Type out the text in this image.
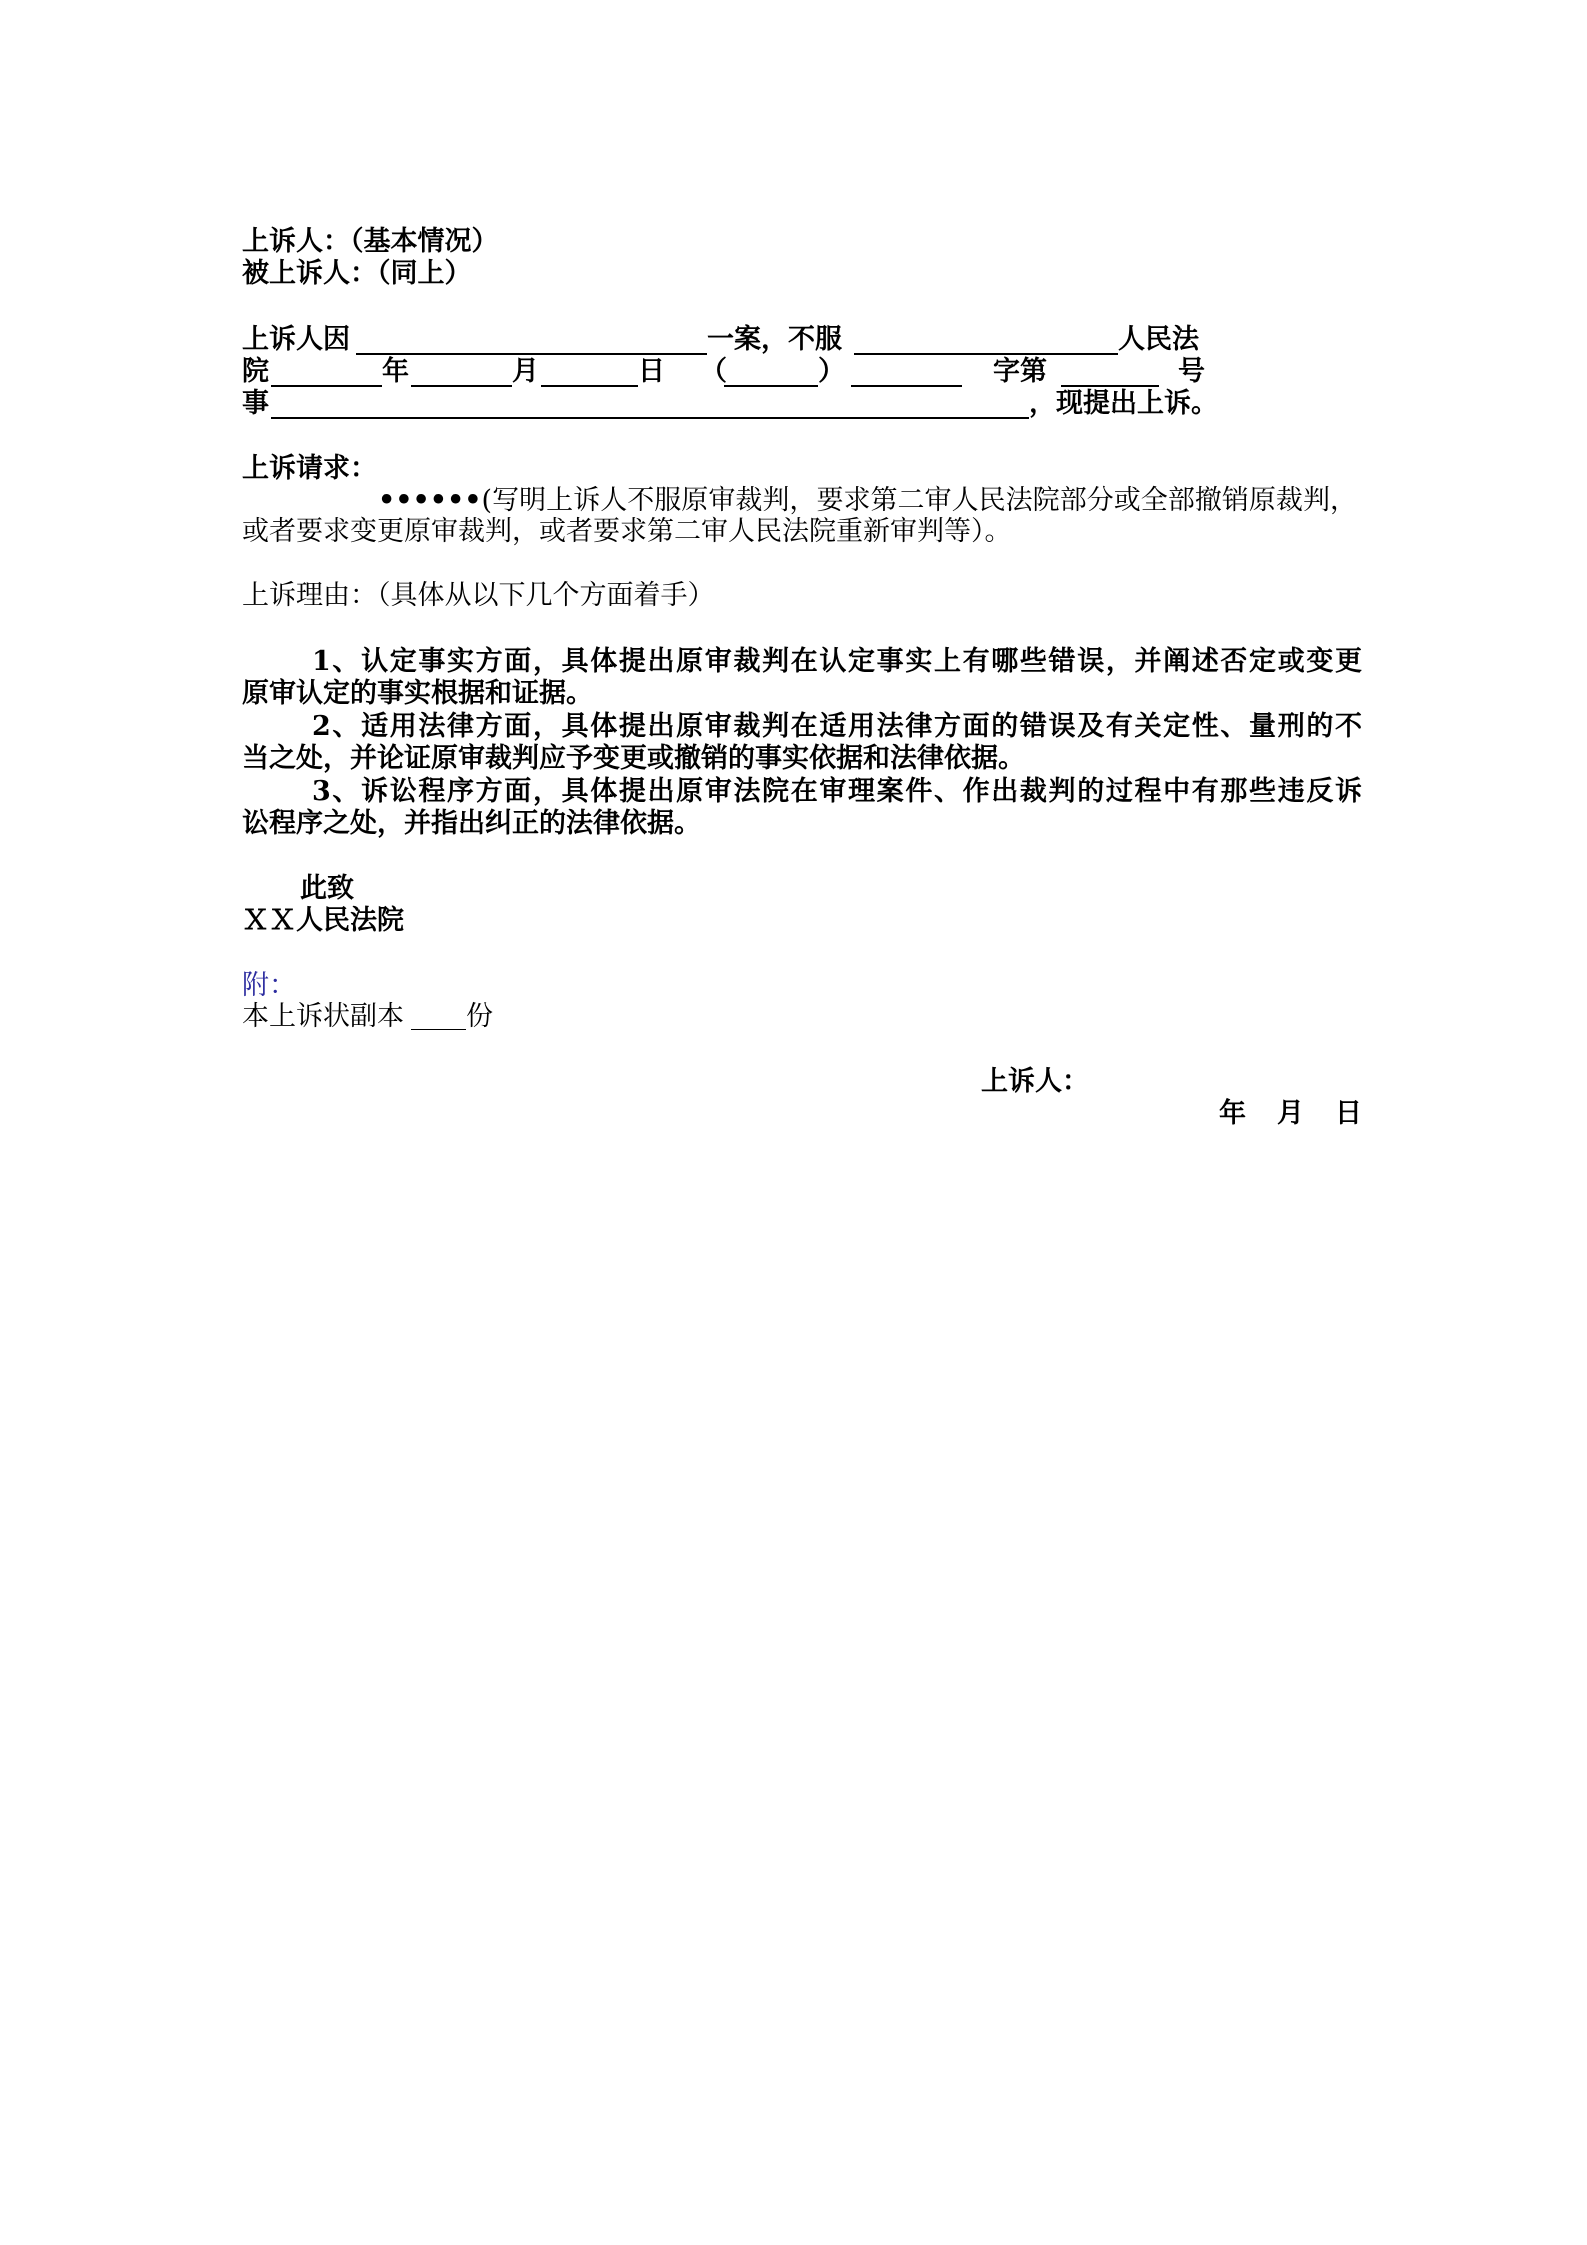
上诉人：（基本情况）
被上诉人：（同上）
上诉人因	一案，不服	人民法
院	年	月	日 （	）	字第	号
事	，现提出上诉。
上诉请求：
••••••(写明上诉人不服原审裁判，要求第二审人民法院部分或全部撤销原裁判，
或者要求变更原审裁判，或者要求第二审人民法院重新审判等）。
上诉理由：（具体从以下几个方面着手）
1、认定事实方面，具体提出原审裁判在认定事实上有哪些错误，并阐述否定或变更
原审认定的事实根据和证据。
2、适用法律方面，具体提出原审裁判在适用法律方面的错误及有关定性、量刑的不
当之处，并论证原审裁判应予变更或撤销的事实依据和法律依据。
3、诉讼程序方面，具体提出原审法院在审理案件、作出裁判的过程中有那些违反诉
讼程序之处，并指出纠正的法律依据。
此致
ＸＸ人民法院
附：
本上诉状副本 份
上诉人：
年 月 日
